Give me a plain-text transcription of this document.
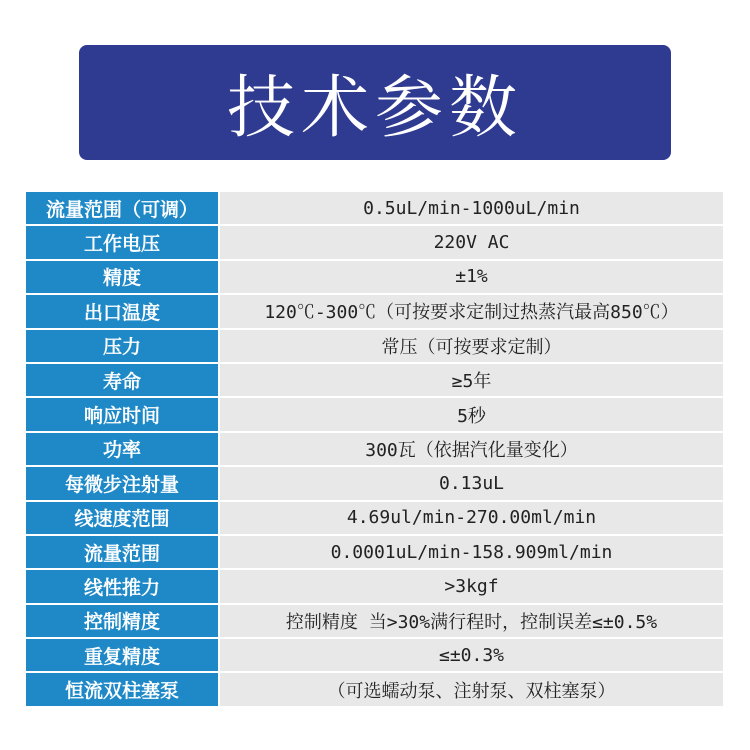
技术参数
流量范围（可调）	0.5uL/min-1000uL/min
工作电压	220V AC
精度	±1%
出口温度	120℃-300℃（可按要求定制过热蒸汽最高850℃）
压力	常压（可按要求定制）
寿命	≥5年
响应时间	5秒
功率	300瓦（依据汽化量变化）
每微步注射量	0.13uL
线速度范围	4.69ul/min-270.00ml/min
流量范围	0.0001uL/min-158.909ml/min
线性推力	>3kgf
控制精度	控制精度 当>30%满行程时，控制误差≤±0.5%
重复精度	≤±0.3%
恒流双柱塞泵	（可选蠕动泵、注射泵、双柱塞泵）
